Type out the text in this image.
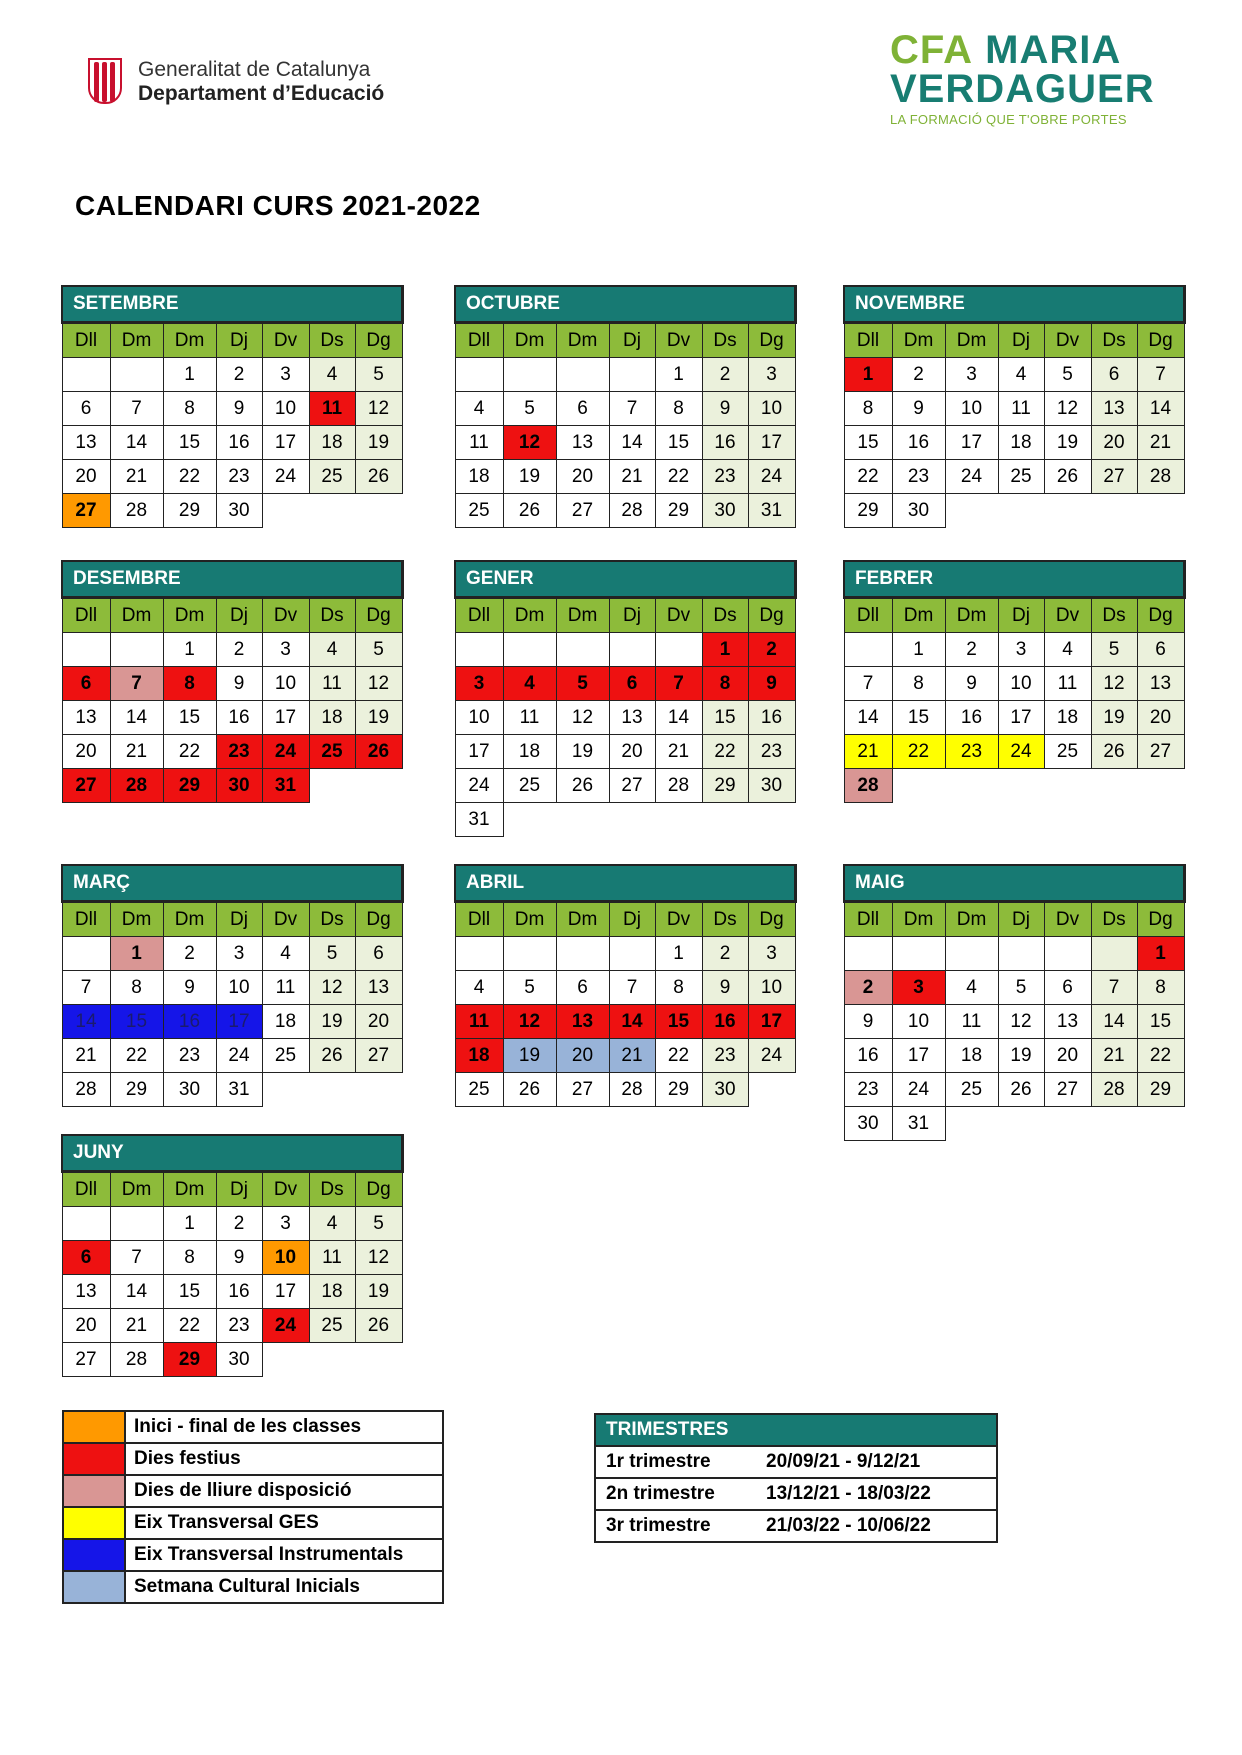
Generalitat de Catalunya
Departament d’Educació
CFA MARIA
VERDAGUER
LA FORMACIÓ QUE T'OBRE PORTES
CALENDARI CURS 2021-2022
SETEMBRE						
Dll	Dm	Dm	Dj	Dv	Ds	Dg
		1	2	3	4	5
6	7	8	9	10	11	12
13	14	15	16	17	18	19
20	21	22	23	24	25	26
27	28	29	30			
OCTUBRE						
Dll	Dm	Dm	Dj	Dv	Ds	Dg
				1	2	3
4	5	6	7	8	9	10
11	12	13	14	15	16	17
18	19	20	21	22	23	24
25	26	27	28	29	30	31
NOVEMBRE						
Dll	Dm	Dm	Dj	Dv	Ds	Dg
1	2	3	4	5	6	7
8	9	10	11	12	13	14
15	16	17	18	19	20	21
22	23	24	25	26	27	28
29	30					
DESEMBRE						
Dll	Dm	Dm	Dj	Dv	Ds	Dg
		1	2	3	4	5
6	7	8	9	10	11	12
13	14	15	16	17	18	19
20	21	22	23	24	25	26
27	28	29	30	31		
GENER						
Dll	Dm	Dm	Dj	Dv	Ds	Dg
					1	2
3	4	5	6	7	8	9
10	11	12	13	14	15	16
17	18	19	20	21	22	23
24	25	26	27	28	29	30
31						
FEBRER						
Dll	Dm	Dm	Dj	Dv	Ds	Dg
	1	2	3	4	5	6
7	8	9	10	11	12	13
14	15	16	17	18	19	20
21	22	23	24	25	26	27
28						
MARÇ						
Dll	Dm	Dm	Dj	Dv	Ds	Dg
	1	2	3	4	5	6
7	8	9	10	11	12	13
14	15	16	17	18	19	20
21	22	23	24	25	26	27
28	29	30	31			
ABRIL						
Dll	Dm	Dm	Dj	Dv	Ds	Dg
				1	2	3
4	5	6	7	8	9	10
11	12	13	14	15	16	17
18	19	20	21	22	23	24
25	26	27	28	29	30	
MAIG						
Dll	Dm	Dm	Dj	Dv	Ds	Dg
						1
2	3	4	5	6	7	8
9	10	11	12	13	14	15
16	17	18	19	20	21	22
23	24	25	26	27	28	29
30	31					
JUNY						
Dll	Dm	Dm	Dj	Dv	Ds	Dg
		1	2	3	4	5
6	7	8	9	10	11	12
13	14	15	16	17	18	19
20	21	22	23	24	25	26
27	28	29	30			
	Inici - final de les classes
	Dies festius
	Dies de lliure disposició
	Eix Transversal GES
	Eix Transversal Instrumentals
	Setmana Cultural Inicials
TRIMESTRES
1r trimestre	20/09/21 - 9/12/21
2n trimestre	13/12/21 - 18/03/22
3r trimestre	21/03/22 - 10/06/22
